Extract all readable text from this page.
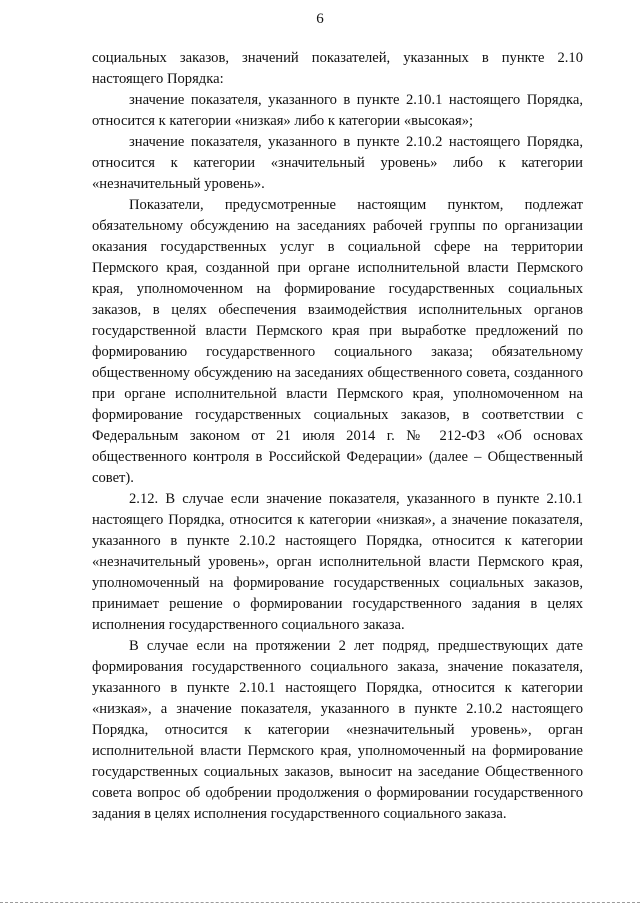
6

социальных заказов, значений показателей, указанных в пункте 2.10 настоящего Порядка:

значение показателя, указанного в пункте 2.10.1 настоящего Порядка, относится к категории «низкая» либо к категории «высокая»;

значение показателя, указанного в пункте 2.10.2 настоящего Порядка, относится к категории «значительный уровень» либо к категории «незначительный уровень».

Показатели, предусмотренные настоящим пунктом, подлежат обязательному обсуждению на заседаниях рабочей группы по организации оказания государственных услуг в социальной сфере на территории Пермского края, созданной при органе исполнительной власти Пермского края, уполномоченном на формирование государственных социальных заказов, в целях обеспечения взаимодействия исполнительных органов государственной власти Пермского края при выработке предложений по формированию государственного социального заказа; обязательному общественному обсуждению на заседаниях общественного совета, созданного при органе исполнительной власти Пермского края, уполномоченном на формирование государственных социальных заказов, в соответствии с Федеральным законом от 21 июля 2014 г. № 212-ФЗ «Об основах общественного контроля в Российской Федерации» (далее – Общественный совет).

2.12. В случае если значение показателя, указанного в пункте 2.10.1 настоящего Порядка, относится к категории «низкая», а значение показателя, указанного в пункте 2.10.2 настоящего Порядка, относится к категории «незначительный уровень», орган исполнительной власти Пермского края, уполномоченный на формирование государственных социальных заказов, принимает решение о формировании государственного задания в целях исполнения государственного социального заказа.

В случае если на протяжении 2 лет подряд, предшествующих дате формирования государственного социального заказа, значение показателя, указанного в пункте 2.10.1 настоящего Порядка, относится к категории «низкая», а значение показателя, указанного в пункте 2.10.2 настоящего Порядка, относится к категории «незначительный уровень», орган исполнительной власти Пермского края, уполномоченный на формирование государственных социальных заказов, выносит на заседание Общественного совета вопрос об одобрении продолжения о формировании государственного задания в целях исполнения государственного социального заказа.
